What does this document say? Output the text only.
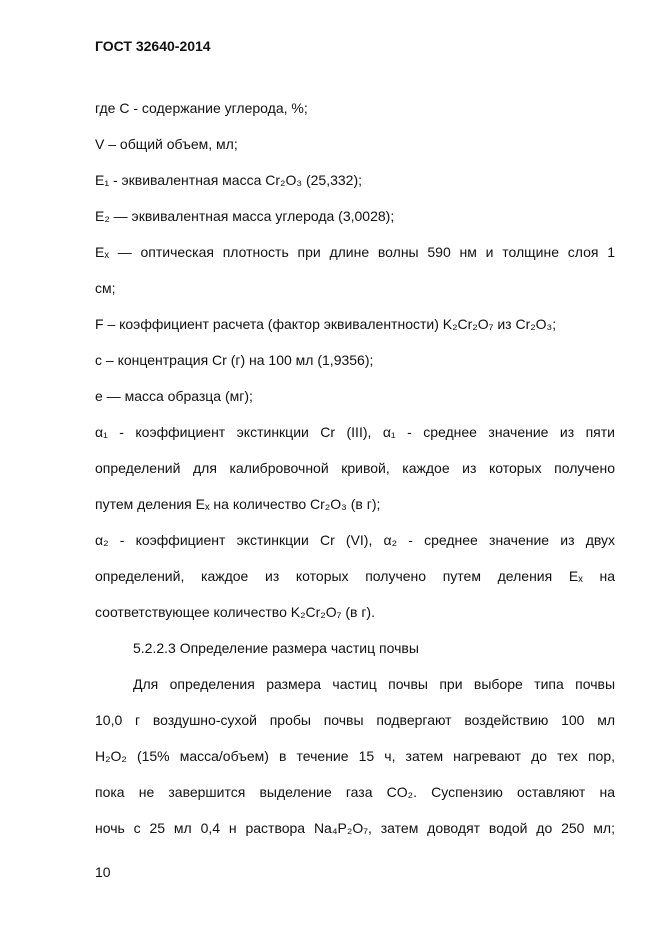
ГОСТ 32640-2014
где C - содержание углерода, %;
V – общий объем, мл;
E₁ - эквивалентная масса Cr₂O₃ (25,332);
E₂ — эквивалентная масса углерода (3,0028);
Eₓ — оптическая плотность при длине волны 590 нм и толщине слоя 1
см;
F – коэффициент расчета (фактор эквивалентности) K₂Cr₂O₇ из Cr₂O₃;
c – концентрация Cr (г) на 100 мл (1,9356);
e — масса образца (мг);
α₁ - коэффициент экстинкции Cr (III), α₁ - среднее значение из пяти
определений для калибровочной кривой, каждое из которых получено
путем деления Eₓ на количество Cr₂O₃ (в г);
α₂ - коэффициент экстинкции Cr (VI), α₂ - среднее значение из двух
определений, каждое из которых получено путем деления Eₓ на
соответствующее количество K₂Cr₂O₇ (в г).
5.2.2.3 Определение размера частиц почвы
Для определения размера частиц почвы при выборе типа почвы
10,0 г воздушно-сухой пробы почвы подвергают воздействию 100 мл
H₂O₂ (15% масса/объем) в течение 15 ч, затем нагревают до тех пор,
пока не завершится выделение газа CO₂. Суспензию оставляют на
ночь с 25 мл 0,4 н раствора Na₄P₂O₇, затем доводят водой до 250 мл;
10
